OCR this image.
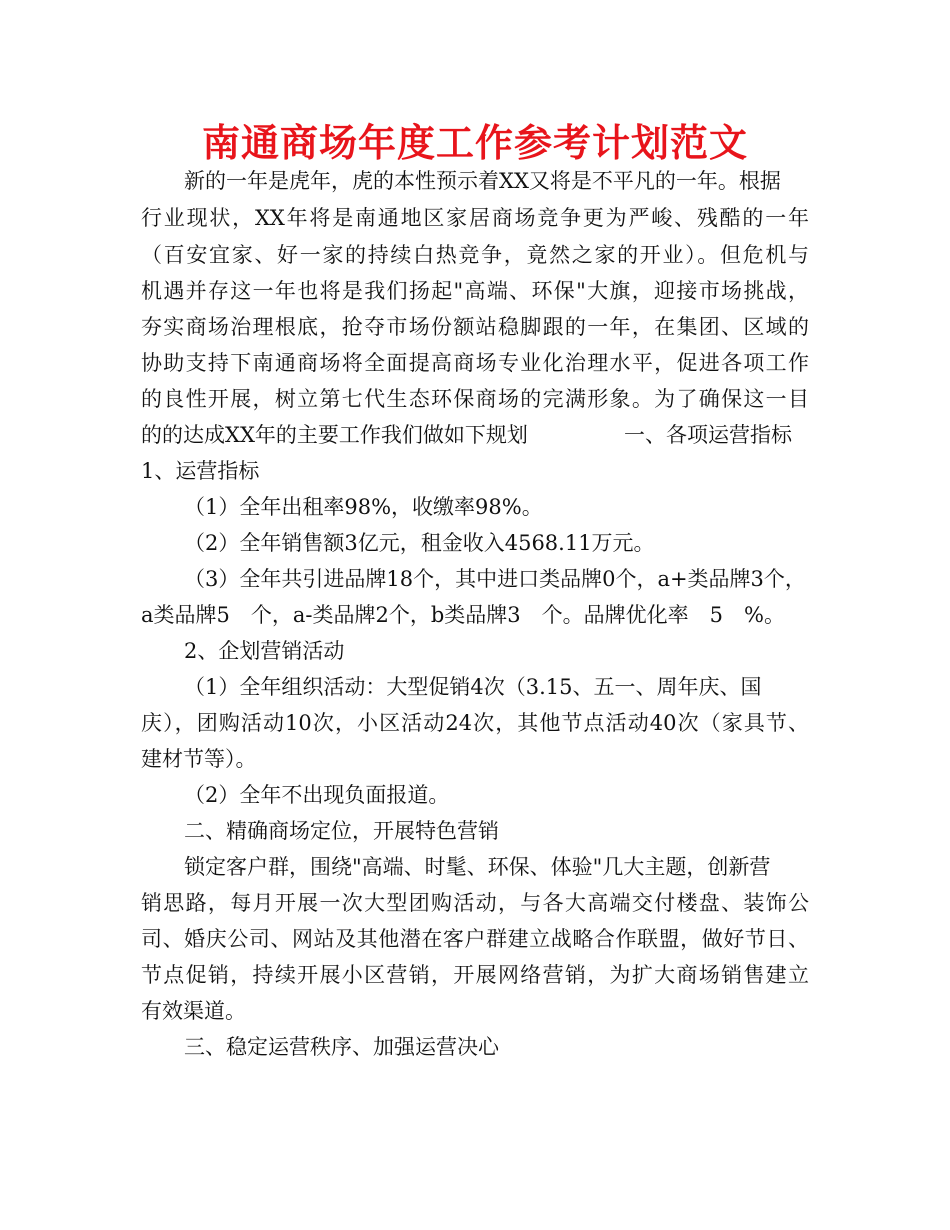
南通商场年度工作参考计划范文
新的一年是虎年，虎的本性预示着XX又将是不平凡的一年。根据
行业现状，XX年将是南通地区家居商场竞争更为严峻、残酷的一年
（百安宜家、好一家的持续白热竞争，竟然之家的开业）。但危机与
机遇并存这一年也将是我们扬起"高端、环保"大旗，迎接市场挑战，
夯实商场治理根底，抢夺市场份额站稳脚跟的一年，在集团、区域的
协助支持下南通商场将全面提高商场专业化治理水平，促进各项工作
的良性开展，树立第七代生态环保商场的完满形象。为了确保这一目
的的达成XX年的主要工作我们做如下规划	一、各项运营指标
1、运营指标
（1）全年出租率98%，收缴率98%。
（2）全年销售额3亿元，租金收入4568.11万元。
（3）全年共引进品牌18个，其中进口类品牌0个，a+类品牌3个，
a类品牌5　个，a-类品牌2个，b类品牌3　个。品牌优化率　5　%。
2、企划营销活动
（1）全年组织活动：大型促销4次（3.15、五一、周年庆、国
庆），团购活动10次，小区活动24次，其他节点活动40次（家具节、
建材节等）。
（2）全年不出现负面报道。
二、精确商场定位，开展特色营销
锁定客户群，围绕"高端、时髦、环保、体验"几大主题，创新营
销思路，每月开展一次大型团购活动，与各大高端交付楼盘、装饰公
司、婚庆公司、网站及其他潜在客户群建立战略合作联盟，做好节日、
节点促销，持续开展小区营销，开展网络营销，为扩大商场销售建立
有效渠道。
三、稳定运营秩序、加强运营决心
